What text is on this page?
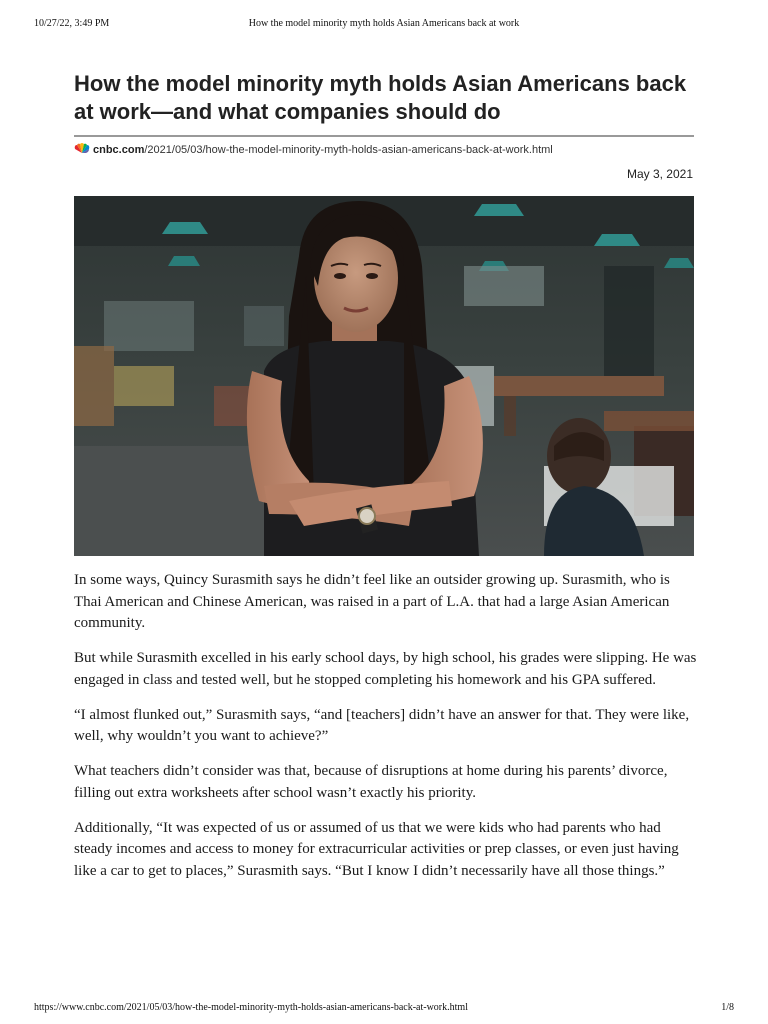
10/27/22, 3:49 PM	How the model minority myth holds Asian Americans back at work
How the model minority myth holds Asian Americans back at work—and what companies should do
cnbc.com/2021/05/03/how-the-model-minority-myth-holds-asian-americans-back-at-work.html
May 3, 2021

In some ways, Quincy Surasmith says he didn’t feel like an outsider growing up. Surasmith, who is Thai American and Chinese American, was raised in a part of L.A. that had a large Asian American community.

But while Surasmith excelled in his early school days, by high school, his grades were slipping. He was engaged in class and tested well, but he stopped completing his homework and his GPA suffered.

“I almost flunked out,” Surasmith says, “and [teachers] didn’t have an answer for that. They were like, well, why wouldn’t you want to achieve?”

What teachers didn’t consider was that, because of disruptions at home during his parents’ divorce, filling out extra worksheets after school wasn’t exactly his priority.

Additionally, “It was expected of us or assumed of us that we were kids who had parents who had steady incomes and access to money for extracurricular activities or prep classes, or even just having like a car to get to places,” Surasmith says. “But I know I didn’t necessarily have all those things.”

https://www.cnbc.com/2021/05/03/how-the-model-minority-myth-holds-asian-americans-back-at-work.html	1/8
